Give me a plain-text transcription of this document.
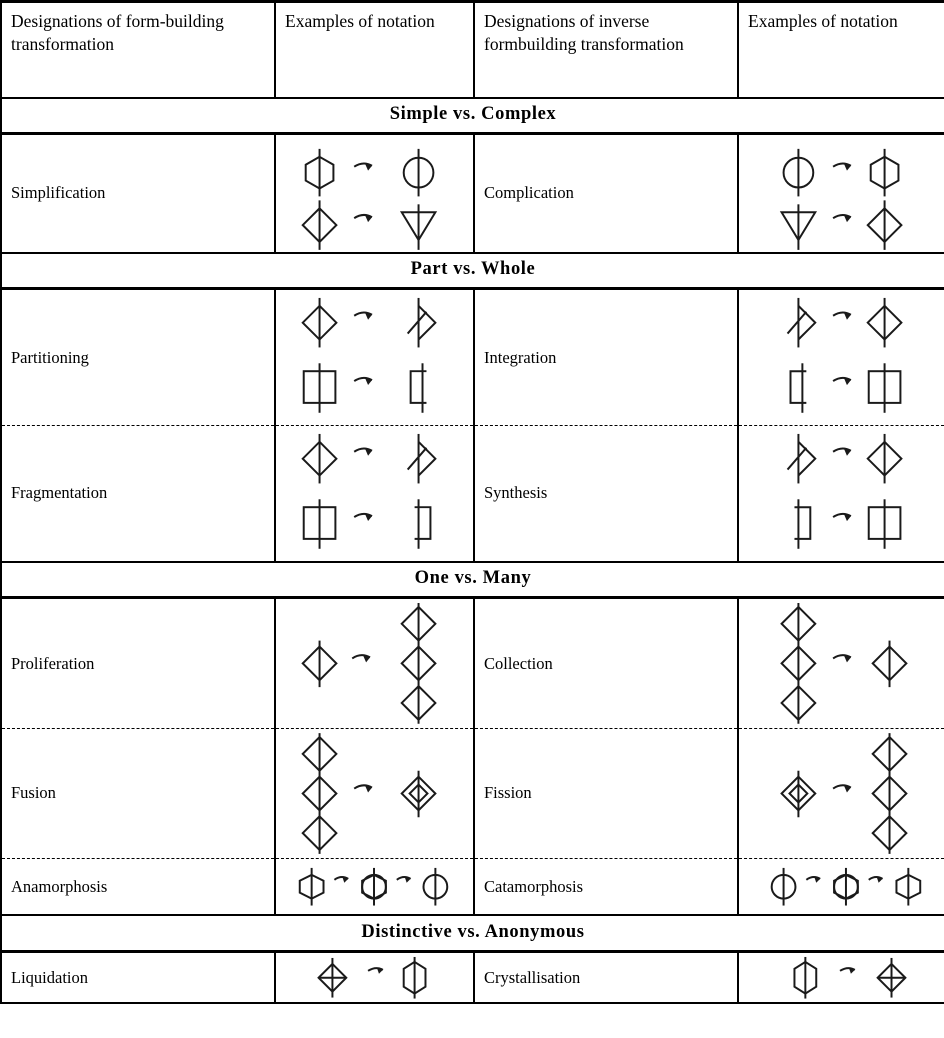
Designations of form-building transformation	Examples of notation	Designations of inverse formbuilding transformation	Examples of notation
Simple vs. Complex			
Simplification		Complication	

Part vs. Whole			
Partitioning		Integration	

Fragmentation		Synthesis	

One vs. Many			
Proliferation		Collection	

Fusion		Fission	

Anamorphosis		Catamorphosis	

Distinctive vs. Anonymous			
Liquidation		Crystallisation	
